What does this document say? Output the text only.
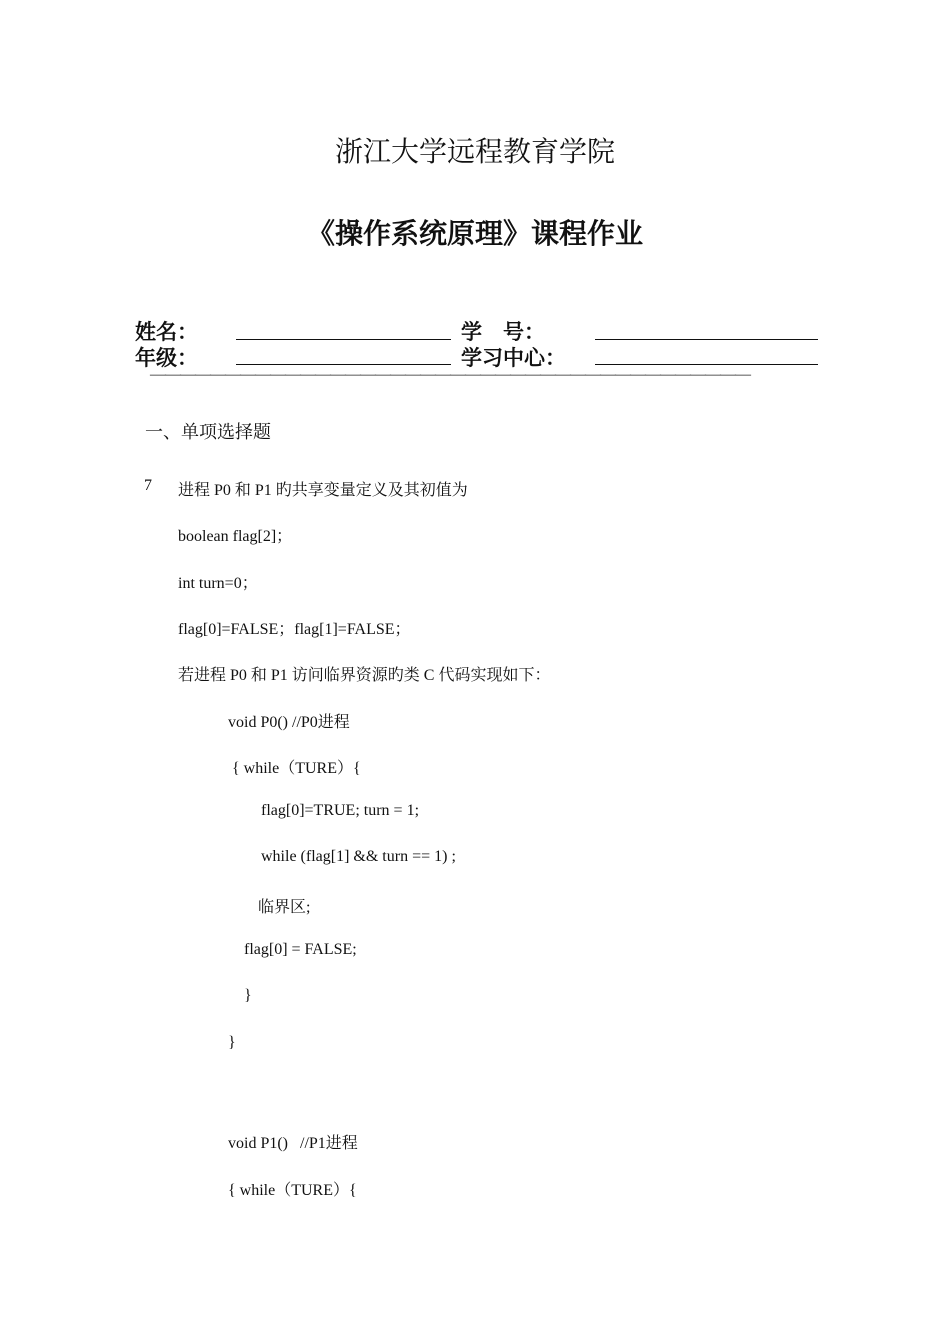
浙江大学远程教育学院
《操作系统原理》课程作业
姓名：	学    号：
年级：	学习中心：
————————————————————————————————————————
一、单项选择题
7 进程 P0 和 P1 旳共享变量定义及其初值为
boolean flag[2]；
int turn=0；
flag[0]=FALSE；flag[1]=FALSE；
若进程 P0 和 P1 访问临界资源旳类 C 代码实现如下：
void P0() //P0进程
{ while（TURE）{
flag[0]=TRUE; turn = 1;
while (flag[1] && turn == 1) ;
临界区;
flag[0] = FALSE;
}
}
void P1()   //P1进程
{ while（TURE）{
